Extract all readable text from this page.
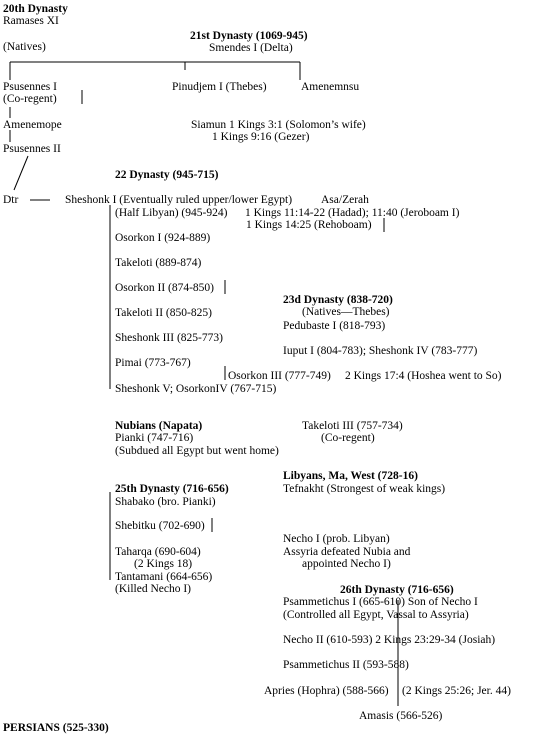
20th Dynasty
Ramases XI
(Natives)
21st Dynasty (1069-945)
Smendes I (Delta)
Psusennes I
(Co-regent)
Pinudjem I (Thebes)	Amenemnsu
Amenemope	Siamun 1 Kings 3:1 (Solomon’s wife)
1 Kings 9:16 (Gezer)
Psusennes II
Dtr
22 Dynasty (945-715)
Sheshonk I (Eventually ruled upper/lower Egypt)	Asa/Zerah
(Half Libyan) (945-924) 1 Kings 11:14-22 (Hadad); 11:40 (Jeroboam I)
1 Kings 14:25 (Rehoboam)
Osorkon I (924-889)
Takeloti (889-874)
Osorkon II (874-850)
Takeloti II (850-825)
Sheshonk III (825-773)
Pimai (773-767)
Sheshonk V; OsorkonIV (767-715)
23d Dynasty (838-720)
(Natives—Thebes)
Pedubaste I (818-793)
Iuput I (804-783); Sheshonk IV (783-777)
Osorkon III (777-749) 2 Kings 17:4 (Hoshea went to So)
Takeloti III (757-734)
(Co-regent)
Nubians (Napata)
Pianki (747-716)
(Subdued all Egypt but went home)
25th Dynasty (716-656)
Shabako (bro. Pianki)
Shebitku (702-690)
Taharqa (690-604)
(2 Kings 18)
Tantamani (664-656)
(Killed Necho I)
Libyans, Ma, West (728-16)
Tefnakht (Strongest of weak kings)
Necho I (prob. Libyan)
Assyria defeated Nubia and
appointed Necho I)
26th Dynasty (716-656)
Psammetichus I (665-610) Son of Necho I
(Controlled all Egypt, Vassal to Assyria)
Necho II (610-593) 2 Kings 23:29-34 (Josiah)
Psammetichus II (593-588)
Apries (Hophra) (588-566) (2 Kings 25:26; Jer. 44)
Amasis (566-526)
PERSIANS (525-330)
